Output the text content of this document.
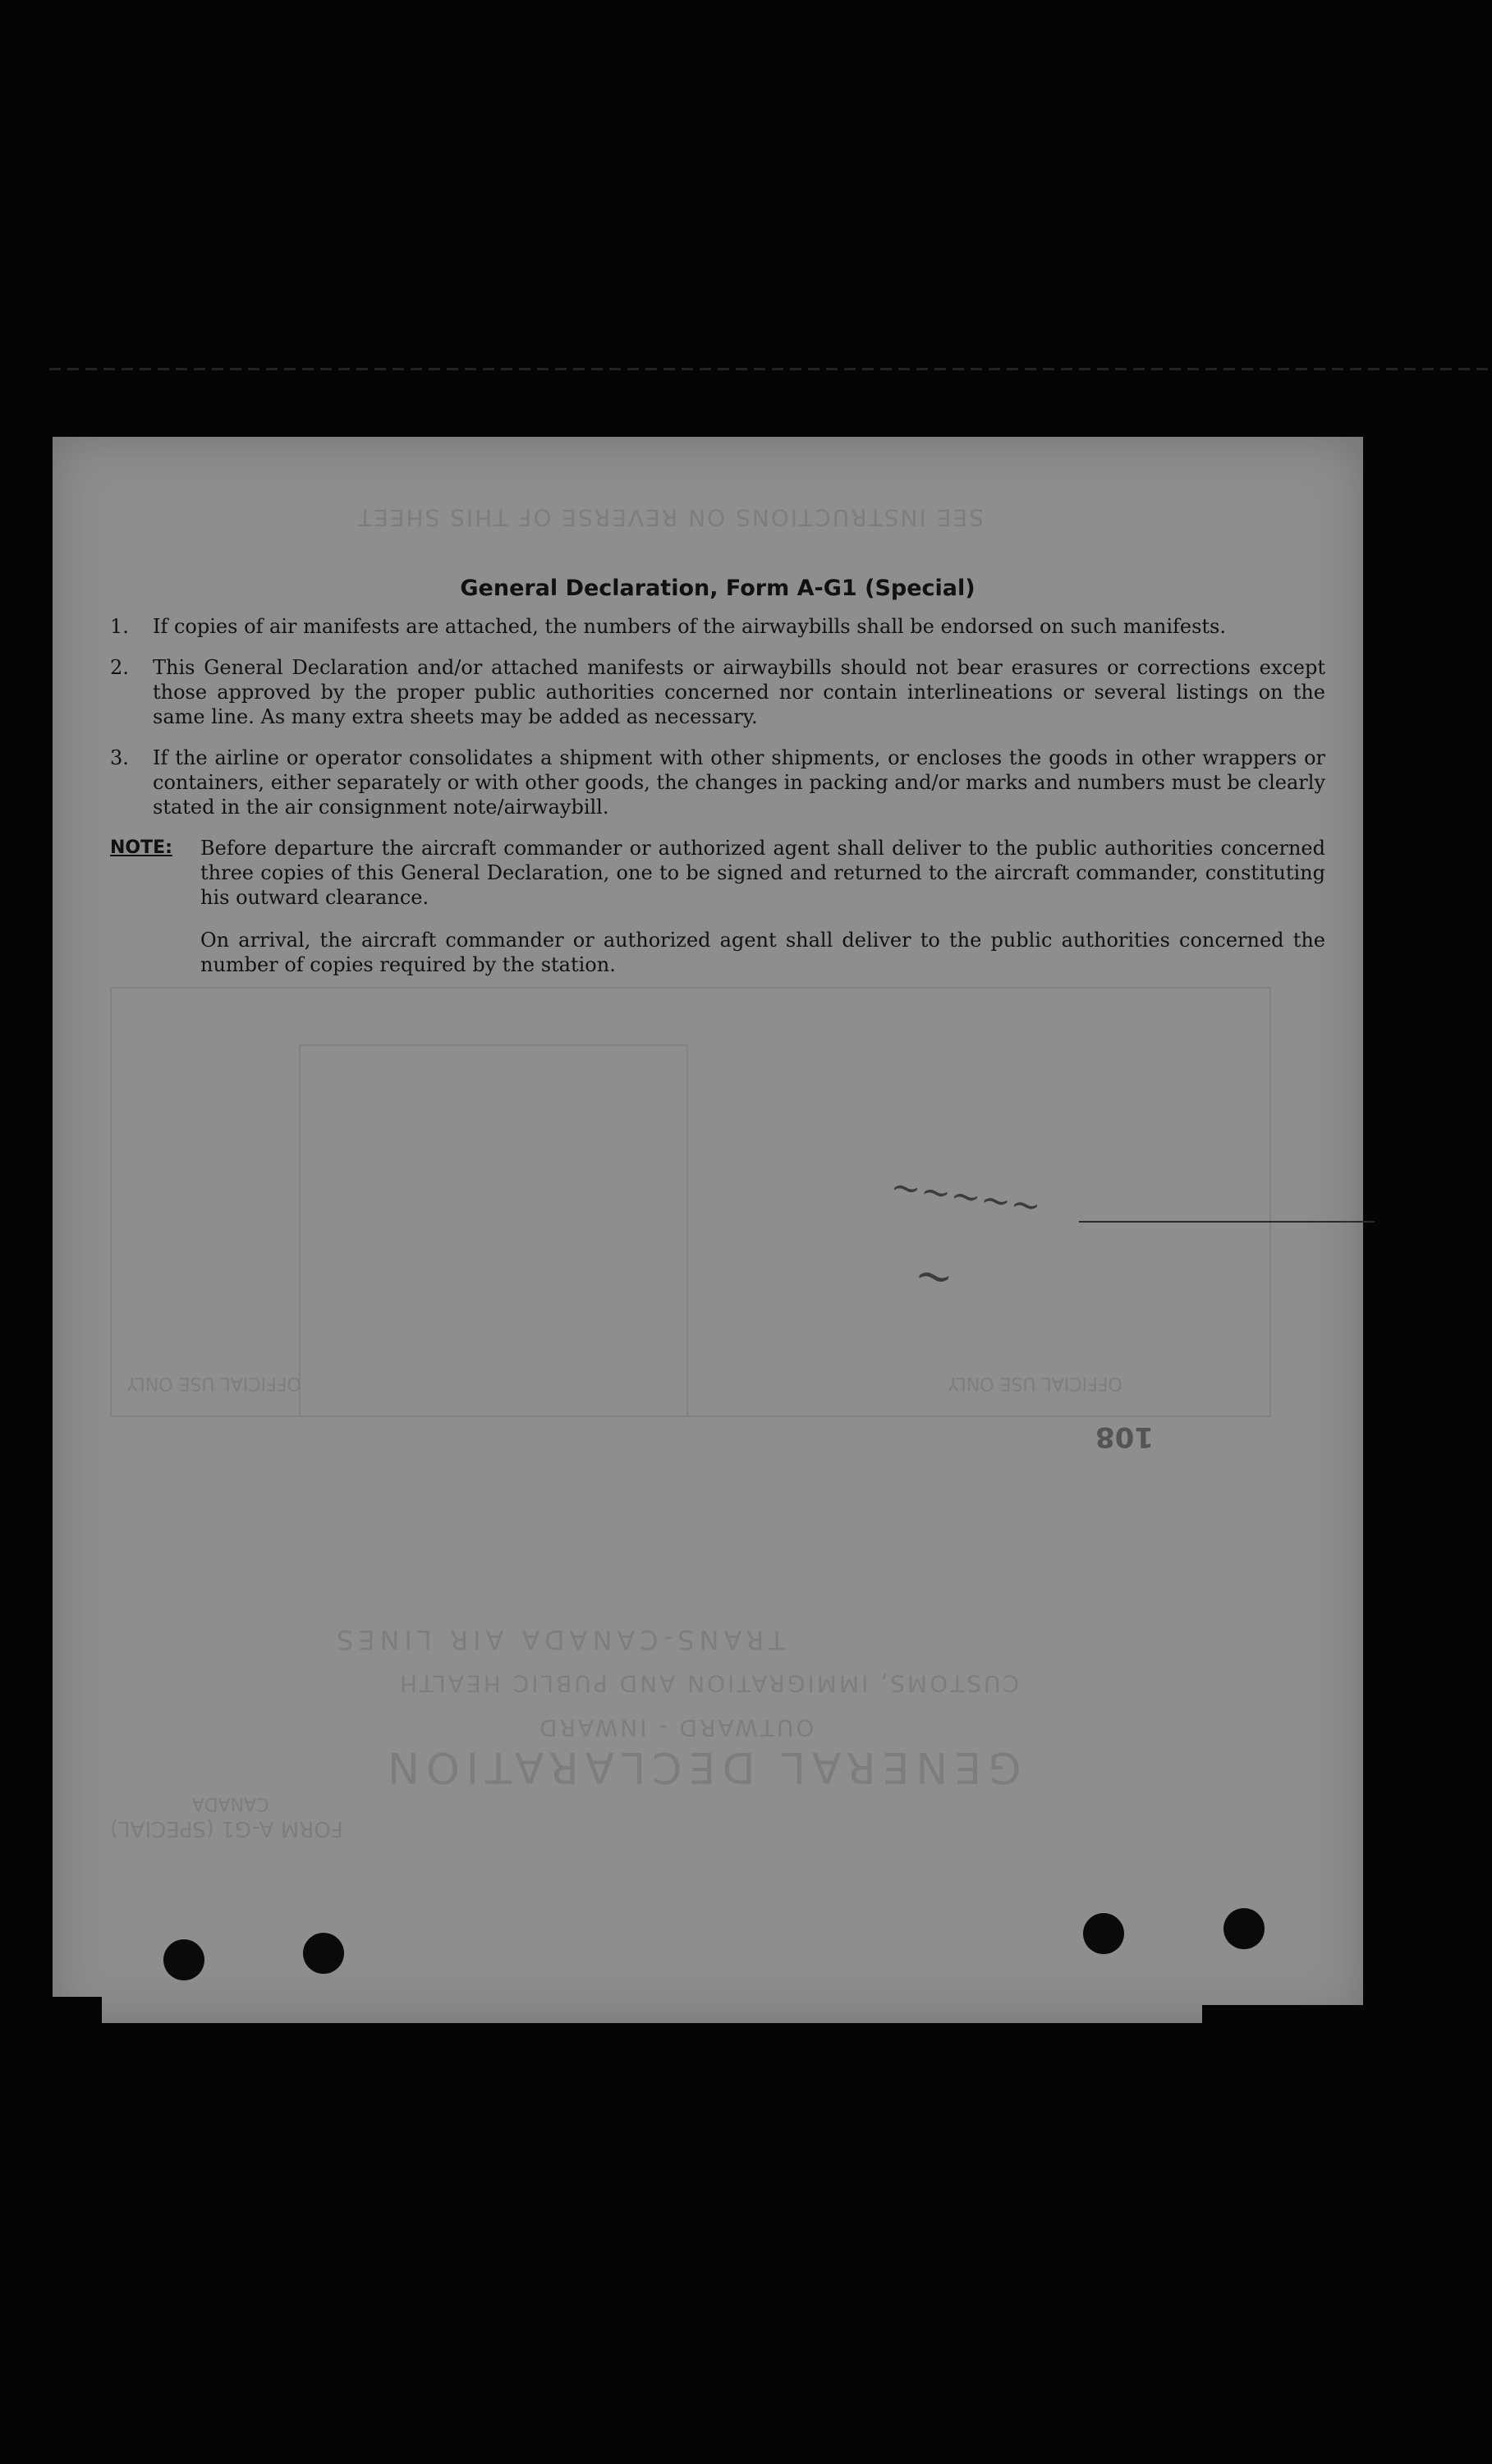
SEE INSTRUCTIONS ON REVERSE OF THIS SHEET
OFFICIAL USE ONLY	OFFICIAL USE ONLY
108
TRANS-CANADA AIR LINES
CUSTOMS, IMMIGRATION AND PUBLIC HEALTH
OUTWARD - INWARD
GENERAL DECLARATION
FORM A-G1 (SPECIAL)
CANADA
~~~~~
~
General Declaration, Form A-G1 (Special)
1.	If copies of air manifests are attached, the numbers of the airwaybills shall be endorsed on such manifests.
2.	This General Declaration and/or attached manifests or airwaybills should not bear erasures or corrections except those approved by the proper public authorities concerned nor contain interlineations or several listings on the same line. As many extra sheets may be added as necessary.
3.	If the airline or operator consolidates a shipment with other shipments, or encloses the goods in other wrappers or containers, either separately or with other goods, the changes in packing and/or marks and numbers must be clearly stated in the air consignment note/airwaybill.
NOTE:	Before departure the aircraft commander or authorized agent shall deliver to the public authorities concerned three copies of this General Declaration, one to be signed and returned to the aircraft commander, constituting his outward clearance.
On arrival, the aircraft commander or authorized agent shall deliver to the public authorities concerned the number of copies required by the station.
